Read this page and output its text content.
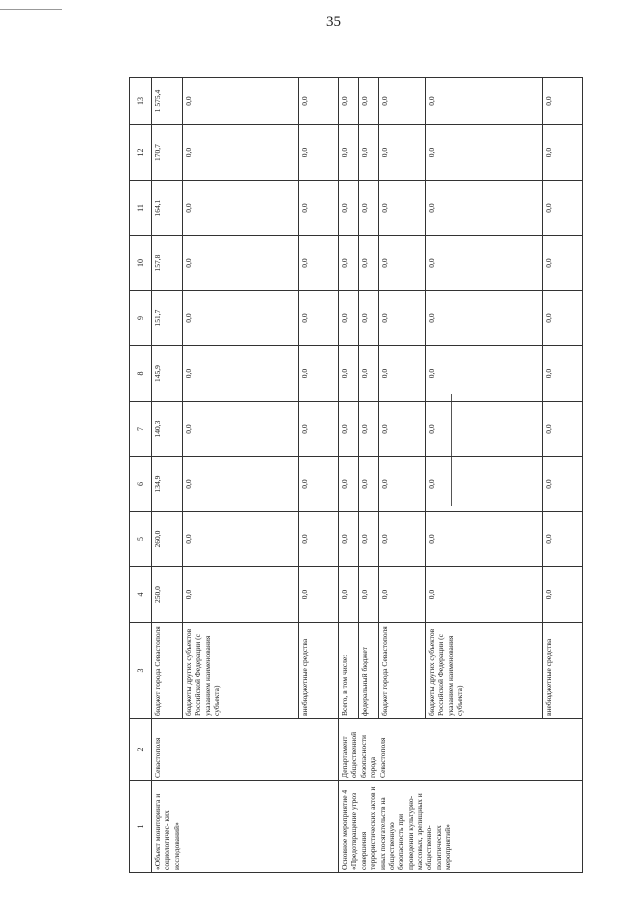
35
1	2	3	4	5	6	7	8	9	10	11	12	13
«Объект мониторинга и социологичес- ких исследований»	Севастополя	бюджет города Севастополя	250,0	260,0	134,9	140,3	145,9	151,7	157,8	164,1	170,7	1 575,4
		бюджеты других субъектов Российской Федерации (с указанием наименования субъекта)	0,0	0,0	0,0	0,0	0,0	0,0	0,0	0,0	0,0	0,0
		внебюджетные средства	0,0	0,0	0,0	0,0	0,0	0,0	0,0	0,0	0,0	0,0
Основное мероприятие 4 «Предотвращение угроз совершения террористических актов и иных посягательств на общественную безопасность при проведении культурно- массовых, зрелищных и общественно- политических мероприятий»	Департамент общественной безопасности города Севастополя	Всего, в том числе:	0,0	0,0	0,0	0,0	0,0	0,0	0,0	0,0	0,0	0,0
		федеральный бюджет	0,0	0,0	0,0	0,0	0,0	0,0	0,0	0,0	0,0	0,0
		бюджет города Севастополя	0,0	0,0	0,0	0,0	0,0	0,0	0,0	0,0	0,0	0,0
		бюджеты других субъектов Российской Федерации (с указанием наименования субъекта)	0,0	0,0	0,0	0,0	0,0	0,0	0,0	0,0	0,0	0,0
		внебюджетные средства	0,0	0,0	0,0	0,0	0,0	0,0	0,0	0,0	0,0	0,0
